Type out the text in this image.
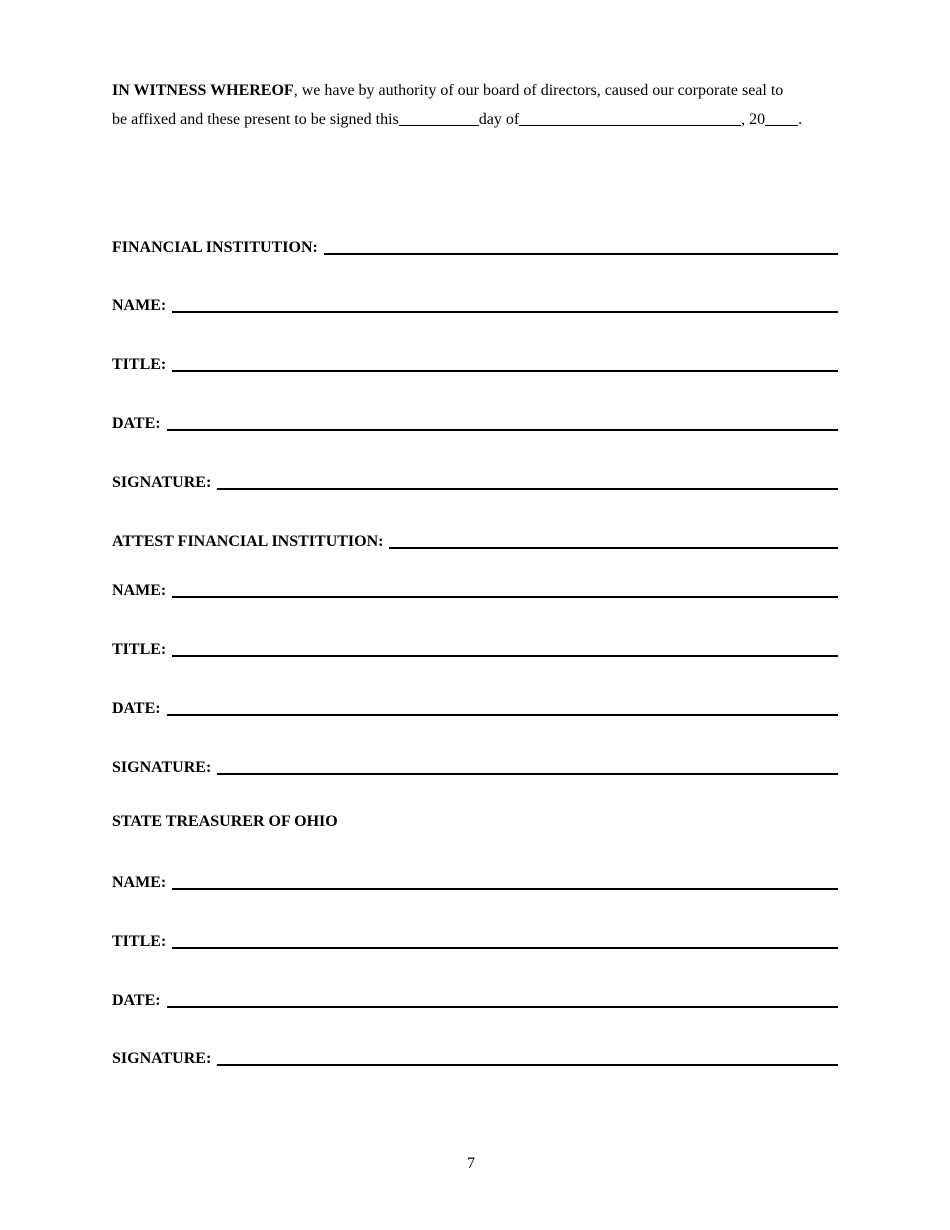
IN WITNESS WHEREOF, we have by authority of our board of directors, caused our corporate seal to
be affixed and these present to be signed this	day of	, 20 .
FINANCIAL INSTITUTION:
NAME:
TITLE:
DATE:
SIGNATURE:
ATTEST FINANCIAL INSTITUTION:
NAME:
TITLE:
DATE:
SIGNATURE:
STATE TREASURER OF OHIO
NAME:
TITLE:
DATE:
SIGNATURE:
7
